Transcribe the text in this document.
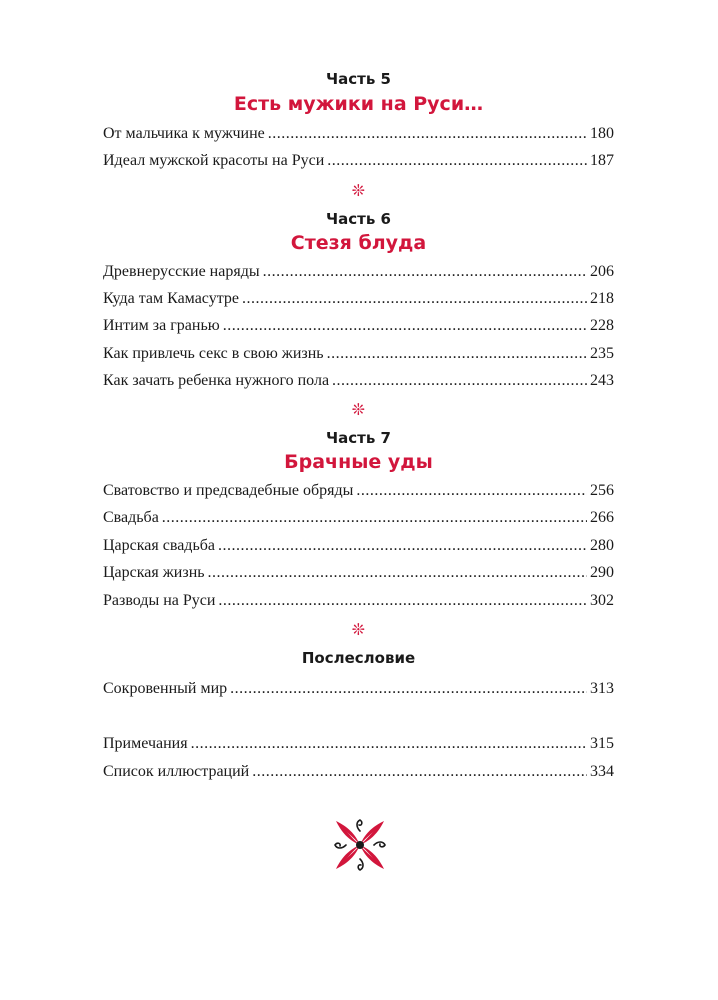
Часть 5
Есть мужики на Руси…
От мальчика к мужчине .....	180
Идеал мужской красоты на Руси .....	187
❊
Часть 6
Стезя блуда
Древнерусские наряды .....	206
Куда там Камасутре .....	218
Интим за гранью .....	228
Как привлечь секс в свою жизнь .....	235
Как зачать ребенка нужного пола .....	243
❊
Часть 7
Брачные уды
Сватовство и предсвадебные обряды .....	256
Свадьба .....	266
Царская свадьба .....	280
Царская жизнь .....	290
Разводы на Руси .....	302
❊
Послесловие
Сокровенный мир .....	313
Примечания .....	315
Список иллюстраций .....	334
